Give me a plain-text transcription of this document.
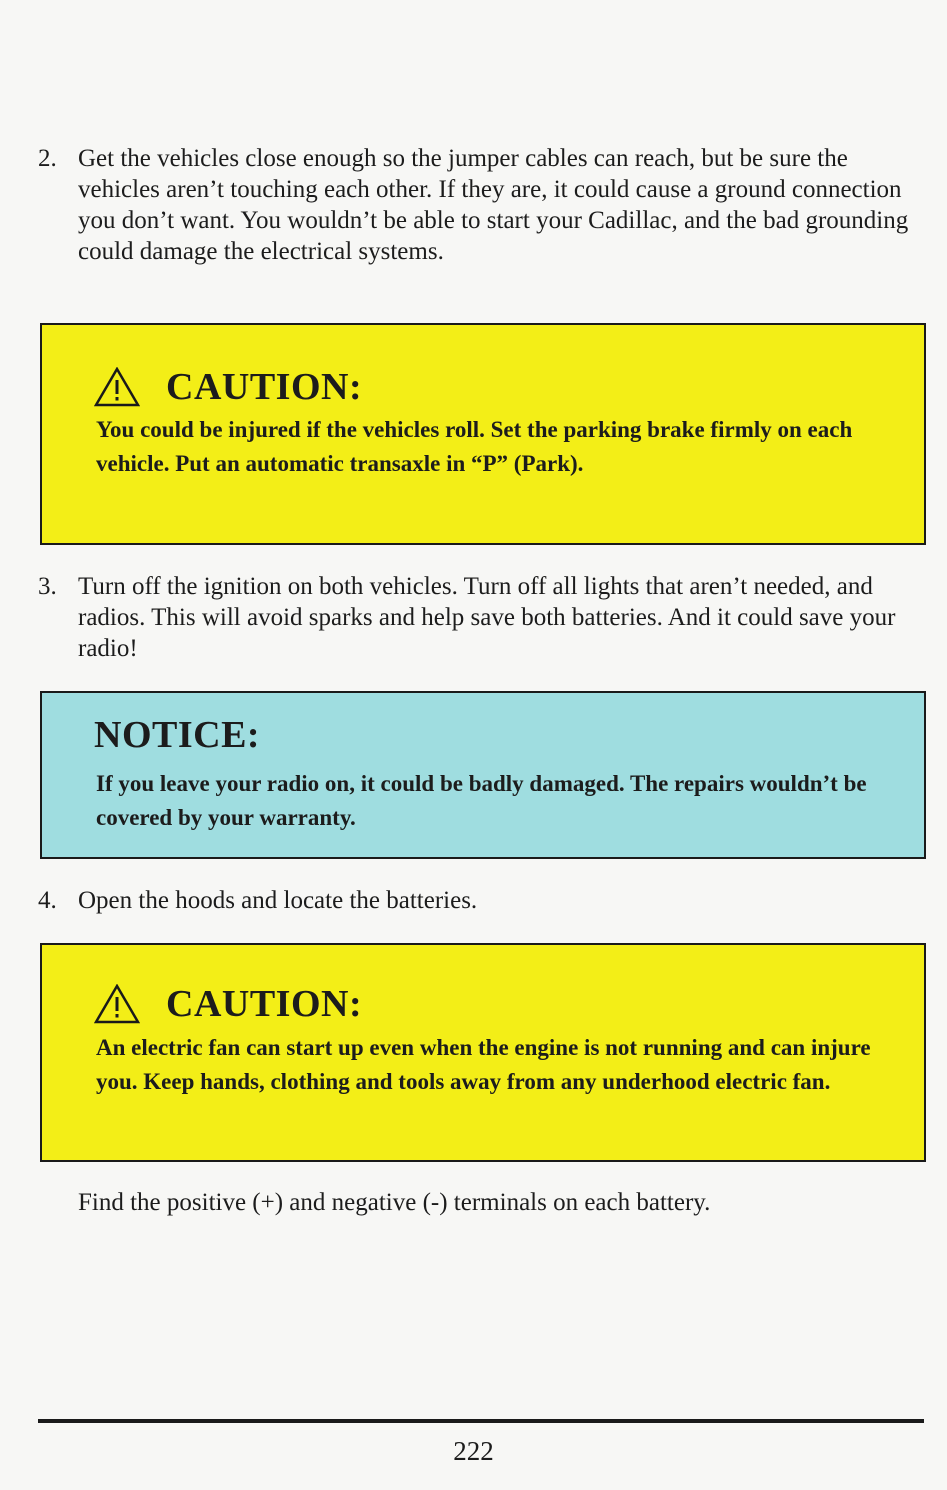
2. Get the vehicles close enough so the jumper cables can reach, but be sure the vehicles aren’t touching each other. If they are, it could cause a ground connection you don’t want. You wouldn’t be able to start your Cadillac, and the bad grounding could damage the electrical systems.
CAUTION:
You could be injured if the vehicles roll. Set the parking brake firmly on each vehicle. Put an automatic transaxle in “P” (Park).
3. Turn off the ignition on both vehicles. Turn off all lights that aren’t needed, and radios. This will avoid sparks and help save both batteries. And it could save your radio!
NOTICE:
If you leave your radio on, it could be badly damaged. The repairs wouldn’t be covered by your warranty.
4. Open the hoods and locate the batteries.
CAUTION:
An electric fan can start up even when the engine is not running and can injure you. Keep hands, clothing and tools away from any underhood electric fan.
Find the positive (+) and negative (-) terminals on each battery.
222
